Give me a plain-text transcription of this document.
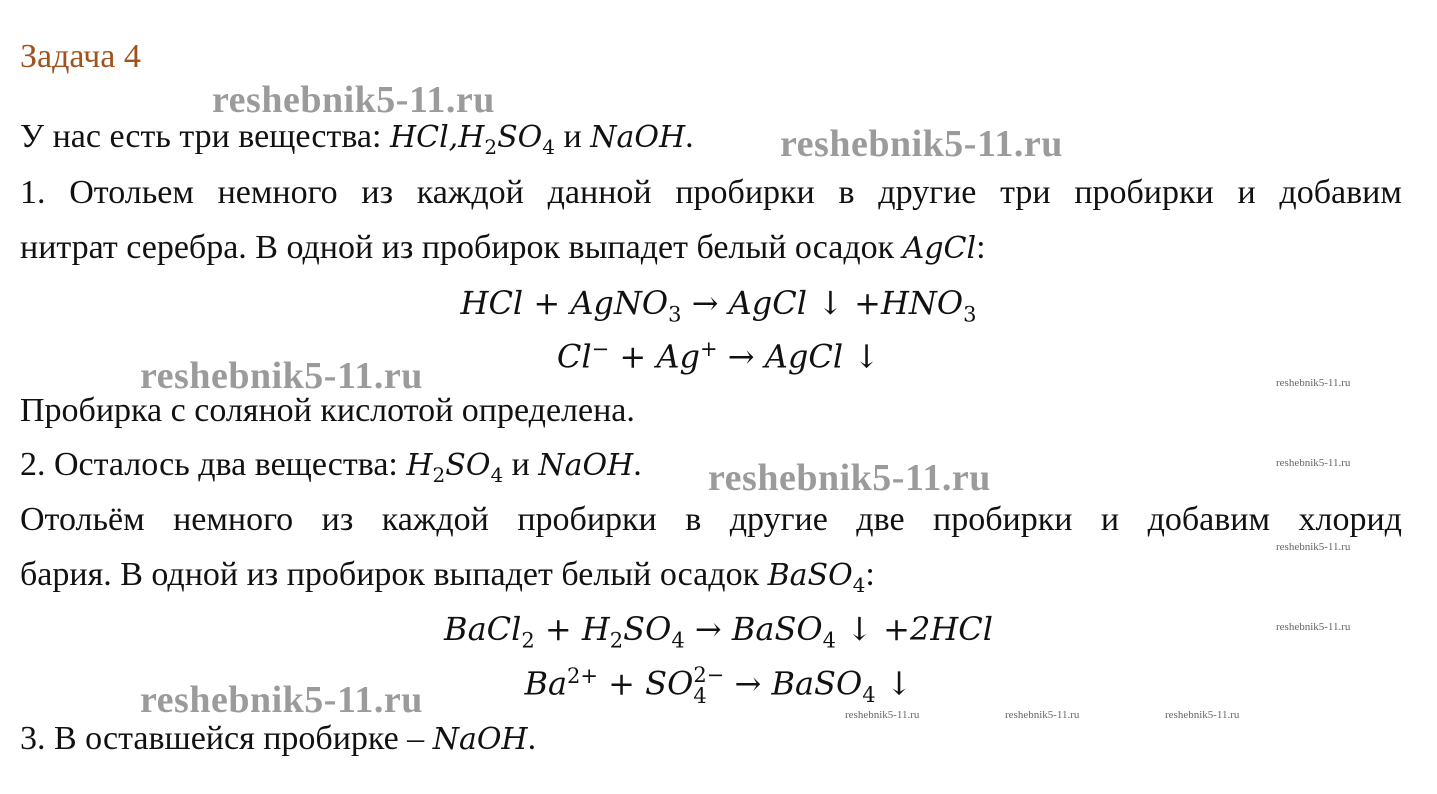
Задача 4
У нас есть три вещества: $HCl,H_2SO_4$ и NaOH.
1. Отольем немного из каждой данной пробирки в другие три пробирки и добавим
нитрат серебра. В одной из пробирок выпадет белый осадок AgCl:
HCl + AgNO$_3$ → AgCl ↓ $+HNO_3$
Cl− + Ag+ → AgCl ↓
Пробирка с соляной кислотой определена.
2. Осталось два вещества: $H_2SO_4$ и NaOH.
Отольём немного из каждой пробирки в другие две пробирки и добавим хлорид
бария. В одной из пробирок выпадет белый осадок BaSO$_4$:
BaCl$_2$ + $H_2SO_4$ → BaSO$_4$ ↓ +2HCl
$Ba^{2+}$ + SO 2−
4 → BaSO$_4$ ↓
3. В оставшейся пробирке – NaOH.
reshebnik5-11.ru
reshebnik5-11.ru
reshebnik5-11.ru
reshebnik5-11.ru
reshebnik5-11.ru
reshebnik5-11.ru
reshebnik5-11.ru
reshebnik5-11.ru
reshebnik5-11.ru
reshebnik5-11.ru	reshebnik5-11.ru	reshebnik5-11.ru
